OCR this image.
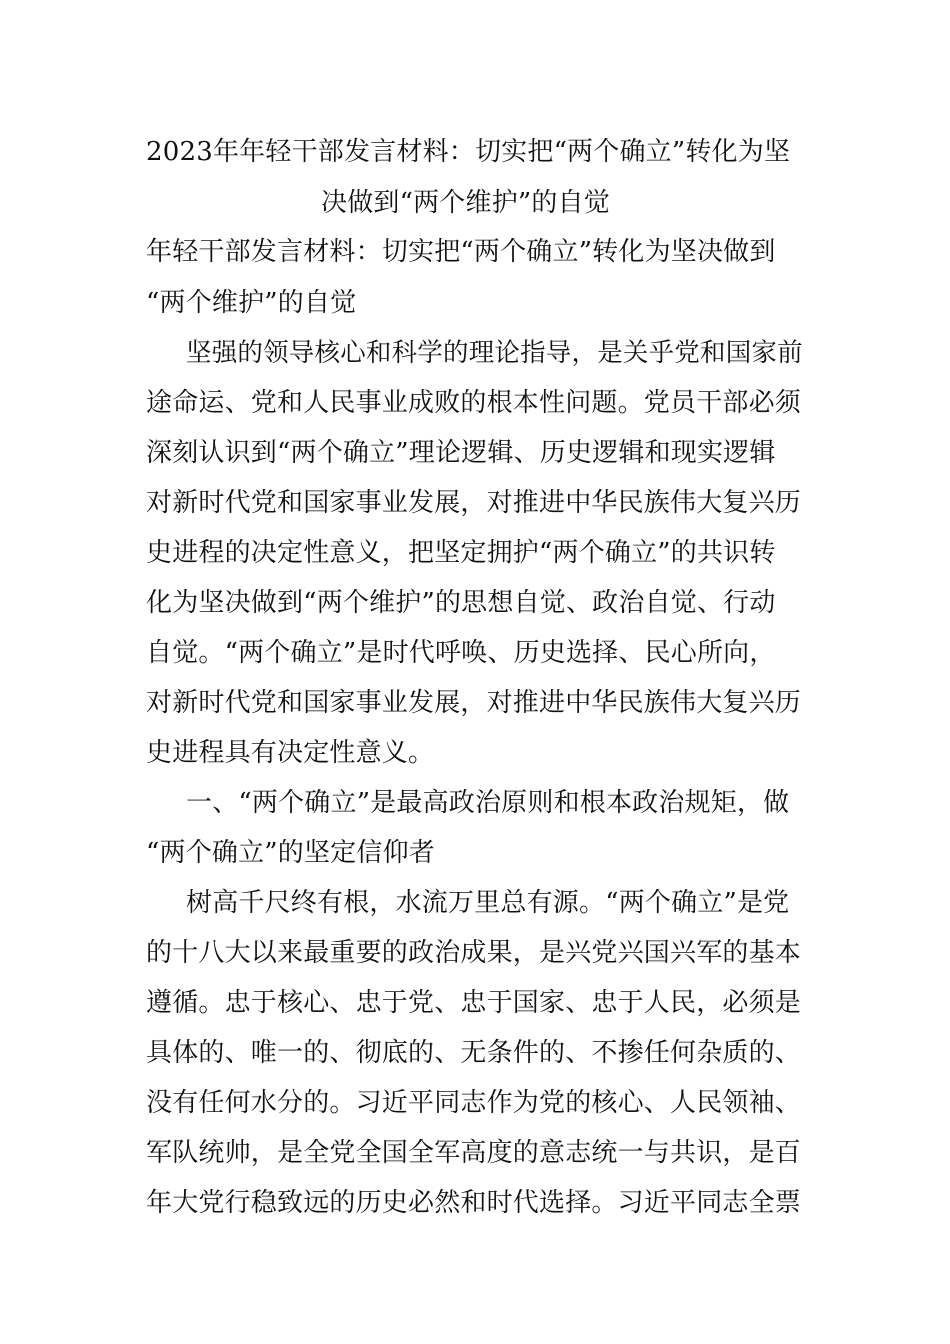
2023年年轻干部发言材料：切实把“两个确立”转化为坚
决做到“两个维护”的自觉
年轻干部发言材料：切实把“两个确立”转化为坚决做到
“两个维护”的自觉
坚强的领导核心和科学的理论指导，是关乎党和国家前
途命运、党和人民事业成败的根本性问题。党员干部必须
深刻认识到“两个确立”理论逻辑、历史逻辑和现实逻辑
对新时代党和国家事业发展，对推进中华民族伟大复兴历
史进程的决定性意义，把坚定拥护“两个确立”的共识转
化为坚决做到“两个维护”的思想自觉、政治自觉、行动
自觉。“两个确立”是时代呼唤、历史选择、民心所向，
对新时代党和国家事业发展，对推进中华民族伟大复兴历
史进程具有决定性意义。
一、“两个确立”是最高政治原则和根本政治规矩，做
“两个确立”的坚定信仰者
树高千尺终有根，水流万里总有源。“两个确立”是党
的十八大以来最重要的政治成果，是兴党兴国兴军的基本
遵循。忠于核心、忠于党、忠于国家、忠于人民，必须是
具体的、唯一的、彻底的、无条件的、不掺任何杂质的、
没有任何水分的。习近平同志作为党的核心、人民领袖、
军队统帅，是全党全国全军高度的意志统一与共识，是百
年大党行稳致远的历史必然和时代选择。习近平同志全票
